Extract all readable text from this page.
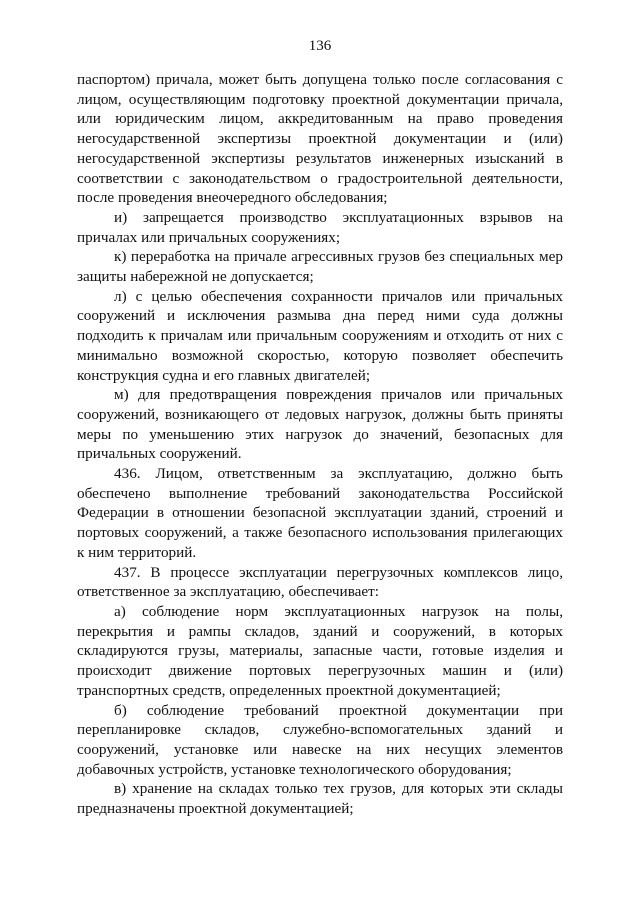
136

паспортом) причала, может быть допущена только после согласования с лицом, осуществляющим подготовку проектной документации причала, или юридическим лицом, аккредитованным на право проведения негосударственной экспертизы проектной документации и (или) негосударственной экспертизы результатов инженерных изысканий в соответствии с законодательством о градостроительной деятельности, после проведения внеочередного обследования;

и) запрещается производство эксплуатационных взрывов на причалах или причальных сооружениях;

к) переработка на причале агрессивных грузов без специальных мер защиты набережной не допускается;

л) с целью обеспечения сохранности причалов или причальных сооружений и исключения размыва дна перед ними суда должны подходить к причалам или причальным сооружениям и отходить от них с минимально возможной скоростью, которую позволяет обеспечить конструкция судна и его главных двигателей;

м) для предотвращения повреждения причалов или причальных сооружений, возникающего от ледовых нагрузок, должны быть приняты меры по уменьшению этих нагрузок до значений, безопасных для причальных сооружений.

436. Лицом, ответственным за эксплуатацию, должно быть обеспечено выполнение требований законодательства Российской Федерации в отношении безопасной эксплуатации зданий, строений и портовых сооружений, а также безопасного использования прилегающих к ним территорий.

437. В процессе эксплуатации перегрузочных комплексов лицо, ответственное за эксплуатацию, обеспечивает:

а) соблюдение норм эксплуатационных нагрузок на полы, перекрытия и рампы складов, зданий и сооружений, в которых складируются грузы, материалы, запасные части, готовые изделия и происходит движение портовых перегрузочных машин и (или) транспортных средств, определенных проектной документацией;

б) соблюдение требований проектной документации при перепланировке складов, служебно-вспомогательных зданий и сооружений, установке или навеске на них несущих элементов добавочных устройств, установке технологического оборудования;

в) хранение на складах только тех грузов, для которых эти склады предназначены проектной документацией;
